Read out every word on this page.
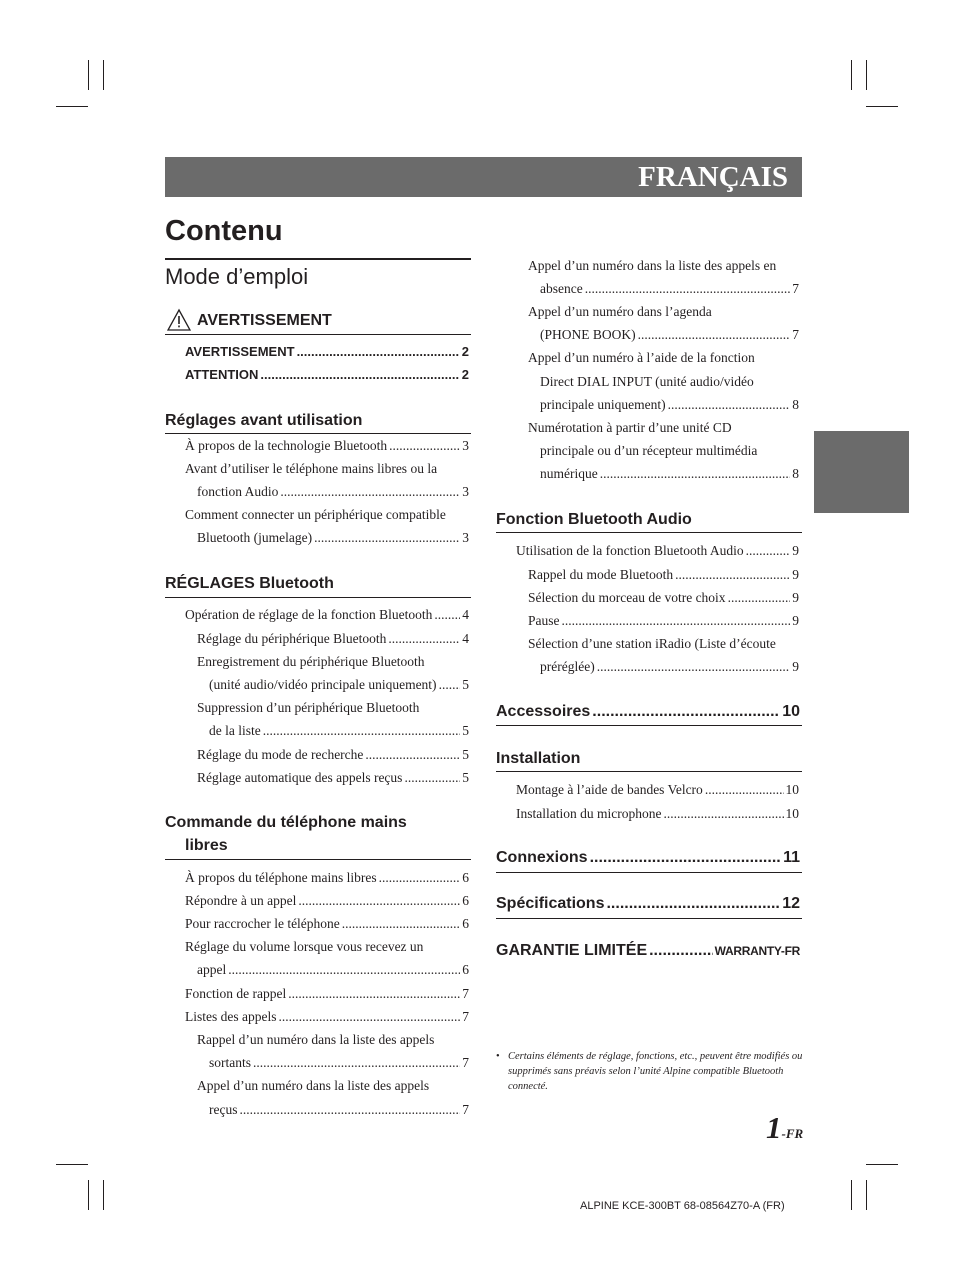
FRANÇAIS
Contenu
Mode d’emploi
AVERTISSEMENT
AVERTISSEMENT .....	2
ATTENTION .....	2
Réglages avant utilisation
À propos de la technologie Bluetooth .....	3
Avant d’utiliser le téléphone mains libres ou la
fonction Audio .....	3
Comment connecter un périphérique compatible
Bluetooth (jumelage) .....	3
RÉGLAGES Bluetooth
Opération de réglage de la fonction Bluetooth ..... 4
Réglage du périphérique Bluetooth .....	4
Enregistrement du périphérique Bluetooth
(unité audio/vidéo principale uniquement) ..... 5
Suppression d’un périphérique Bluetooth
de la liste .....	5
Réglage du mode de recherche .....	5
Réglage automatique des appels reçus .....	5
Commande du téléphone mains
libres
À propos du téléphone mains libres .....	6
Répondre à un appel .....	6
Pour raccrocher le téléphone .....	6
Réglage du volume lorsque vous recevez un
appel .....	6
Fonction de rappel .....	7
Listes des appels .....	7
Rappel d’un numéro dans la liste des appels
sortants .....	7
Appel d’un numéro dans la liste des appels
reçus .....	7
Appel d’un numéro dans la liste des appels en
absence .....	7
Appel d’un numéro dans l’agenda
(PHONE BOOK) .....	7
Appel d’un numéro à l’aide de la fonction
Direct DIAL INPUT (unité audio/vidéo
principale uniquement) .....	8
Numérotation à partir d’une unité CD
principale ou d’un récepteur multimédia
numérique .....	8
Fonction Bluetooth Audio
Utilisation de la fonction Bluetooth Audio .....	9
Rappel du mode Bluetooth .....	9
Sélection du morceau de votre choix .....	9
Pause .....	9
Sélection d’une station iRadio (Liste d’écoute
préréglée) .....	9
Accessoires .....	10
Installation
Montage à l’aide de bandes Velcro .....	10
Installation du microphone .....	10
Connexions .....	11
Spécifications .....	12
GARANTIE LIMITÉE .....	WARRANTY-FR
• Certains éléments de réglage, fonctions, etc., peuvent être modifiés ou supprimés sans préavis selon l’unité Alpine compatible Bluetooth connecté.
1-FR
ALPINE KCE-300BT 68-08564Z70-A (FR)
